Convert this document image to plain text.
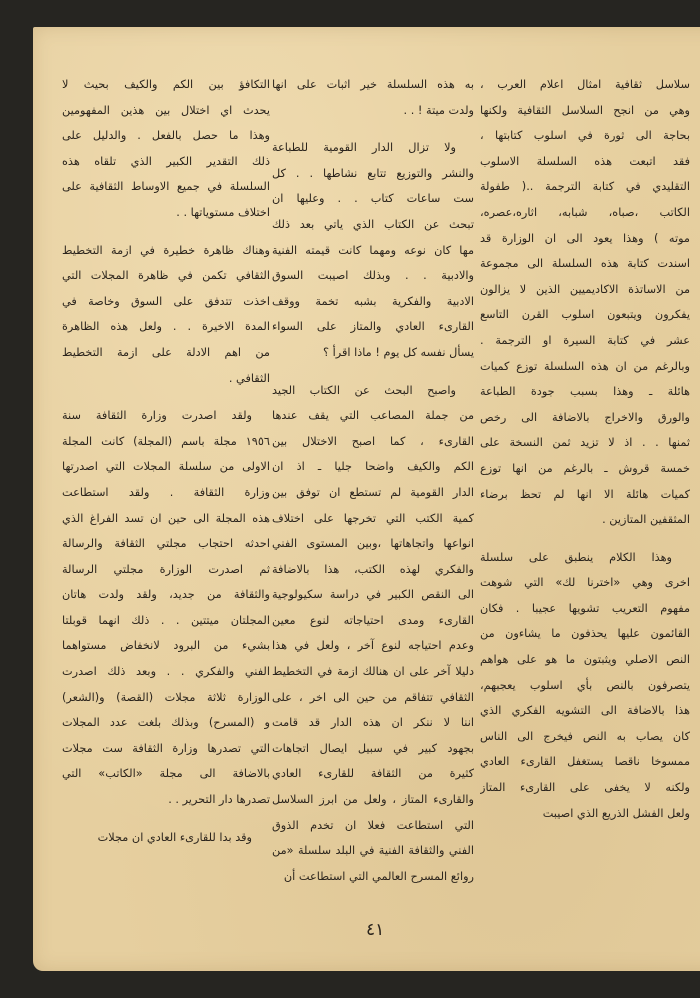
سلاسل ثقافية امثال اعلام العرب ،
وهي من انجح السلاسل الثقافية ولكنها
بحاجة الى ثورة في اسلوب كتابتها ،
فقد اتبعت هذه السلسلة الاسلوب
التقليدي في كتابة الترجمة ..( طفولة
الكاتب ،صباه، شبابه، اثاره،عصره،
موته ) وهذا يعود الى ان الوزارة قد
اسندت كتابة هذه السلسلة الى مجموعة
من الاساتذة الاكاديميين الذين لا يزالون
يفكرون ويتبعون اسلوب القرن التاسع
عشر في كتابة السيرة او الترجمة .
وبالرغم من ان هذه السلسلة توزع كميات
هائلة ـ وهذا بسبب جودة الطباعة
والورق والاخراج بالاضافة الى رخص
ثمنها . . اذ لا تزيد ثمن النسخة على
خمسة قروش ـ بالرغم من انها توزع
كميات هائلة الا انها لم تحظ برضاء
المثقفين المتازين .
وهذا الكلام ينطبق على سلسلة
اخرى وهي «اخترنا لك» التي شوهت
مفهوم التعريب تشويها عجيبا . فكان
القائمون عليها يحذفون ما يشاءون من
النص الاصلي ويثبتون ما هو على هواهم
يتصرفون بالنص بأي اسلوب يعجبهم،
هذا بالاضافة الى التشويه الفكري الذي
كان يصاب به النص فيخرج الى الناس
ممسوخا ناقصا يستغفل القارىء العادي
ولكنه لا يخفى على القارىء المتاز
ولعل الفشل الذريع الذي اصيبت
به هذه السلسلة خير اثبات على انها
ولدت ميتة ! . .
ولا تزال الدار القومية للطباعة
والنشر والتوزيع تتابع نشاطها . . كل
ست ساعات كتاب . . وعليها ان
تبحث عن الكتاب الذي ياتي بعد ذلك
مها كان نوعه ومهما كانت قيمته الفنية
والادبية . . وبذلك اصيبت السوق
الادبية والفكرية بشبه تخمة ووقف
القارىء العادي والمتاز على السواء
يسأل نفسه كل يوم ! ماذا اقرأ ؟
واصبح البحث عن الكتاب الجيد
من جملة المصاعب التي يقف عندها
القارىء ، كما اصبح الاختلال بين
الكم والكيف واضحا جليا ـ اذ ان
الدار القومية لم تستطع ان توفق بين
كمية الكتب التي تخرجها على اختلاف
انواعها واتجاهاتها ،وبين المستوى الفني
والفكري لهذه الكتب، هذا بالاضافة
الى النقص الكبير في دراسة سكيولوجية
القارىء ومدى احتياجاته لنوع معين
وعدم احتياجه لنوع آخر ، ولعل في هذا
دليلا آخر على ان هنالك ازمة في التخطيط
الثقافي تتفاقم من حين الى اخر ، على
اننا لا ننكر ان هذه الدار قد قامت
بجهود كبير في سبيل ايصال اتجاهات
كثيرة من الثقافة للقارىء العادي
والقارىء المتاز ، ولعل من ابرز السلاسل
التي استطاعت فعلا ان تخدم الذوق
الفني والثقافة الفنية في البلد سلسلة «من
روائع المسرح العالمي التي استطاعت أن
التكافؤ بين الكم والكيف بحيث لا
يحدث اي اختلال بين هذين المفهومين
وهذا ما حصل بالفعل . والدليل على
ذلك التقدير الكبير الذي تلقاه هذه
السلسلة في جميع الاوساط الثقافية على
اختلاف مستوياتها . .
وهناك ظاهرة خطيرة في ازمة التخطيط
الثقافي تكمن في ظاهرة المجلات التي
اخذت تتدفق على السوق وخاصة في
المدة الاخيرة . . ولعل هذه الظاهرة
من اهم الادلة على ازمة التخطيط
الثقافي .
ولقد اصدرت وزارة الثقافة سنة
١٩٥٦ مجلة باسم (المجلة) كانت المجلة
الاولى من سلسلة المجلات التي اصدرتها
وزارة الثقافة . ولقد استطاعت
هذه المجلة الى حين ان تسد الفراغ الذي
احدثه احتجاب مجلتي الثقافة والرسالة
ثم اصدرت الوزارة مجلتي الرسالة
والثقافة من جديد، ولقد ولدت هاتان
المجلتان ميتتين . . ذلك انهما قوبلتا
بشيء من البرود لانخفاض مستواهما
الفني والفكري . . وبعد ذلك اصدرت
الوزارة ثلاثة مجلات (القصة) و(الشعر)
و (المسرح) وبذلك بلغت عدد المجلات
التي تصدرها وزارة الثقافة ست مجلات
بالاضافة الى مجلة «الكاتب» التي
تصدرها دار التحرير . .
وقد بدا للقارىء العادي ان مجلات
٤١
